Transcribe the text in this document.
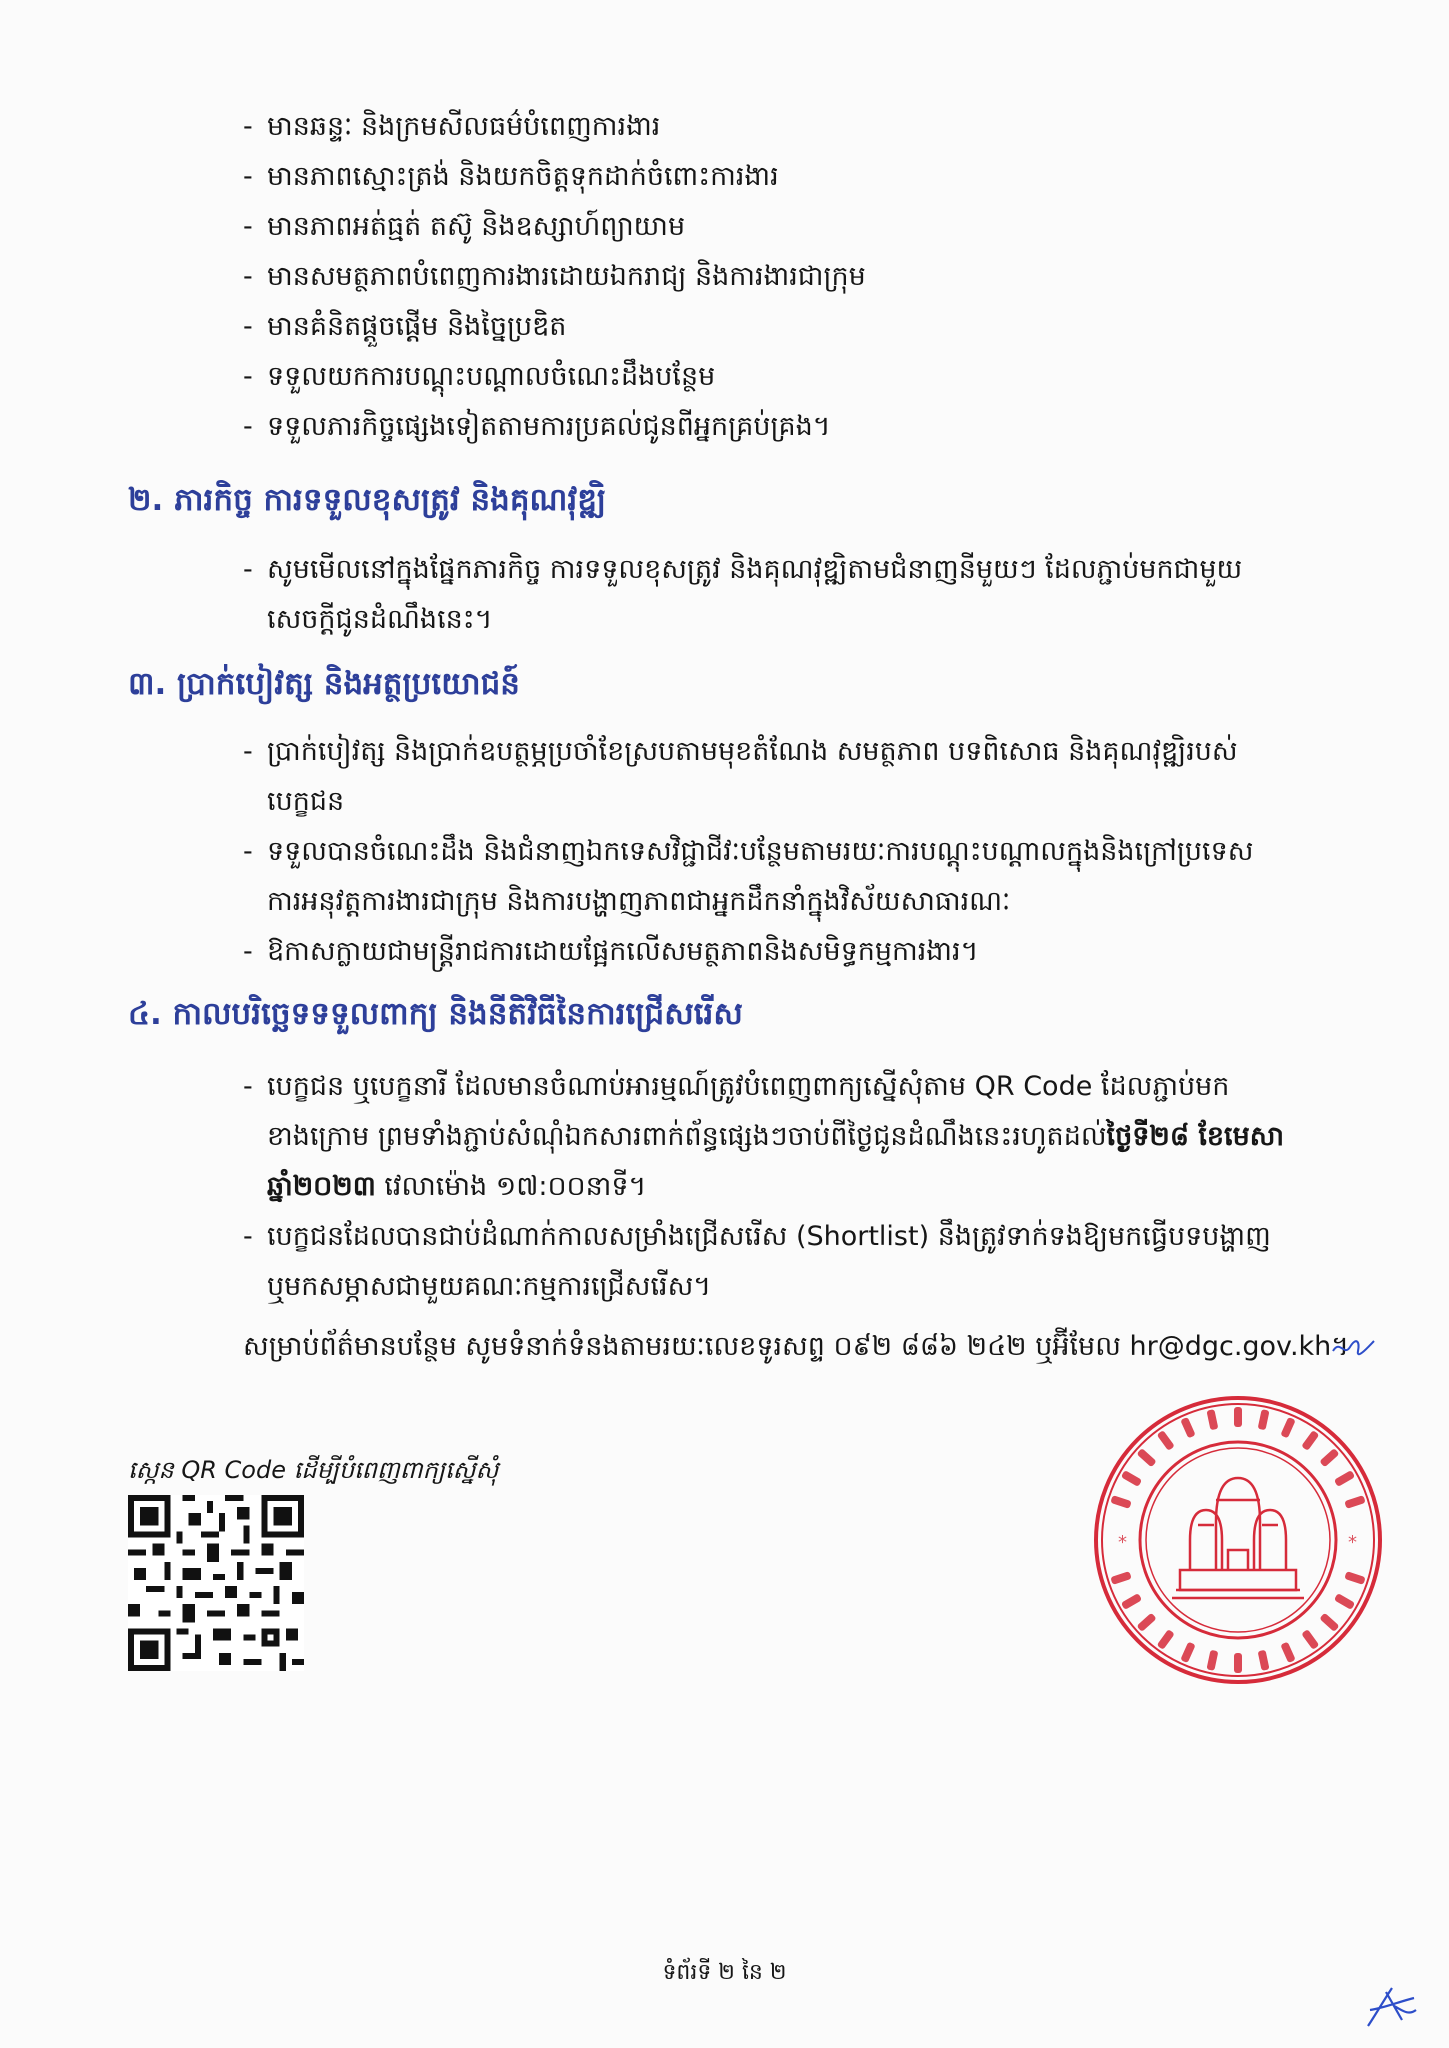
- មានឆន្ទៈ និងក្រមសីលធម៌បំពេញការងារ
- មានភាពស្មោះត្រង់ និងយកចិត្តទុកដាក់ចំពោះការងារ
- មានភាពអត់ធ្មត់ តស៊ូ និងឧស្សាហ៍ព្យាយាម
- មានសមត្ថភាពបំពេញការងារដោយឯករាជ្យ និងការងារជាក្រុម
- មានគំនិតផ្តួចផ្តើម និងច្នៃប្រឌិត
- ទទួលយកការបណ្តុះបណ្តាលចំណេះដឹងបន្ថែម
- ទទួលភារកិច្ចផ្សេងទៀតតាមការប្រគល់ជូនពីអ្នកគ្រប់គ្រង។
២. ភារកិច្ច ការទទួលខុសត្រូវ និងគុណវុឌ្ឍិ
- សូមមើលនៅក្នុងផ្នែកភារកិច្ច ការទទួលខុសត្រូវ និងគុណវុឌ្ឍិតាមជំនាញនីមួយៗ ដែលភ្ជាប់មកជាមួយ
សេចក្តីជូនដំណឹងនេះ។
៣. ប្រាក់បៀវត្ស និងអត្ថប្រយោជន៍
- ប្រាក់បៀវត្ស និងប្រាក់ឧបត្ថម្ភប្រចាំខែស្របតាមមុខតំណែង សមត្ថភាព បទពិសោធ និងគុណវុឌ្ឍិរបស់
បេក្ខជន
- ទទួលបានចំណេះដឹង និងជំនាញឯកទេសវិជ្ជាជីវៈបន្ថែមតាមរយៈការបណ្តុះបណ្តាលក្នុងនិងក្រៅប្រទេស
ការអនុវត្តការងារជាក្រុម និងការបង្ហាញភាពជាអ្នកដឹកនាំក្នុងវិស័យសាធារណៈ
- ឱកាសក្លាយជាមន្ត្រីរាជការដោយផ្អែកលើសមត្ថភាពនិងសមិទ្ធកម្មការងារ។
៤. កាលបរិច្ឆេទទទួលពាក្យ និងនីតិវិធីនៃការជ្រើសរើស
- បេក្ខជន ឬបេក្ខនារី ដែលមានចំណាប់អារម្មណ៍ត្រូវបំពេញពាក្យស្នើសុំតាម QR Code ដែលភ្ជាប់មក
ខាងក្រោម ព្រមទាំងភ្ជាប់សំណុំឯកសារពាក់ព័ន្ធផ្សេងៗចាប់ពីថ្ងៃជូនដំណឹងនេះរហូតដល់ថ្ងៃទី២៨ ខែមេសា
ឆ្នាំ២០២៣ វេលាម៉ោង ១៧:០០នាទី។
- បេក្ខជនដែលបានជាប់ដំណាក់កាលសម្រាំងជ្រើសរើស (Shortlist) នឹងត្រូវទាក់ទងឱ្យមកធ្វើបទបង្ហាញ
ឬមកសម្ភាសជាមួយគណៈកម្មការជ្រើសរើស។
សម្រាប់ព័ត៌មានបន្ថែម សូមទំនាក់ទំនងតាមរយៈលេខទូរសព្ទ ០៩២ ៨៨៦ ២៤២ ឬអ៊ីមែល hr@dgc.gov.kh។
ស្កេន QR Code ដើម្បីបំពេញពាក្យស្នើសុំ
*	*
ទំព័រទី ២ នៃ ២
